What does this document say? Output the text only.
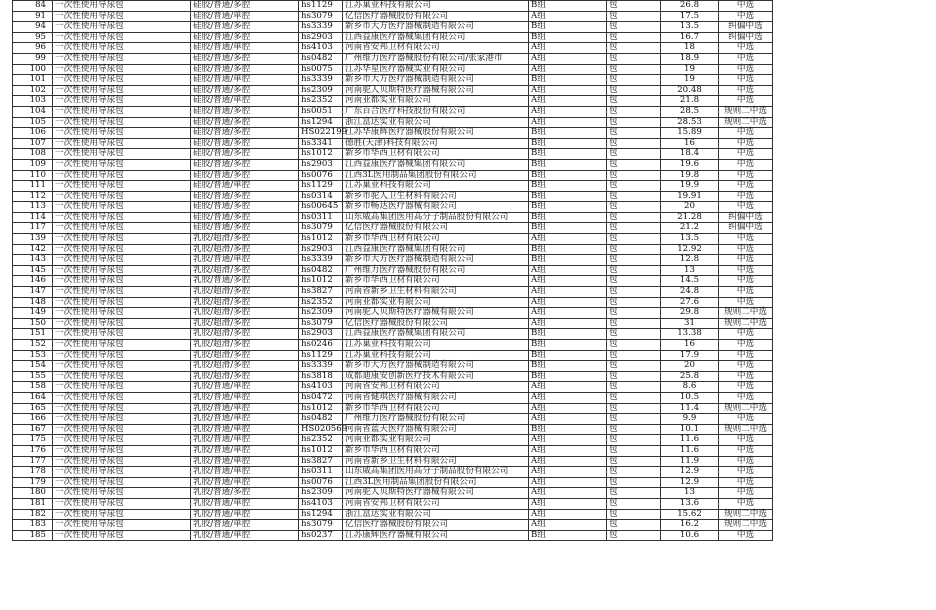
84	一次性使用导尿包	硅胶/普通/多腔	hs1129	江苏巢业科技有限公司	B组	包	26.8	中选
91	一次性使用导尿包	硅胶/普通/单腔	hs3079	亿信医疗器械股份有限公司	A组	包	17.5	中选
94	一次性使用导尿包	硅胶/普通/多腔	hs3339	新乡市大方医疗器械制造有限公司	B组	包	13.5	纠偏中选
95	一次性使用导尿包	硅胶/普通/多腔	hs2903	江西益康医疗器械集团有限公司	B组	包	16.7	纠偏中选
96	一次性使用导尿包	硅胶/普通/单腔	hs4103	河南省安邦卫材有限公司	A组	包	18	中选
99	一次性使用导尿包	硅胶/普通/多腔	hs0482	广州维力医疗器械股份有限公司/张家港市	A组	包	18.9	中选
100	一次性使用导尿包	硅胶/普通/多腔	hs0075	江苏华星医疗器械实业有限公司	A组	包	19	中选
101	一次性使用导尿包	硅胶/普通/单腔	hs3339	新乡市大方医疗器械制造有限公司	B组	包	19	中选
102	一次性使用导尿包	硅胶/普通/多腔	hs2309	河南驼人贝斯特医疗器械有限公司	A组	包	20.48	中选
103	一次性使用导尿包	硅胶/普通/单腔	hs2352	河南亚都实业有限公司	A组	包	21.8	中选
104	一次性使用导尿包	硅胶/普通/多腔	hs0051	广东百合医疗科技股份有限公司	A组	包	28.5	规则二中选
105	一次性使用导尿包	硅胶/普通/多腔	hs1294	浙江富达实业有限公司	A组	包	28.53	规则二中选
106	一次性使用导尿包	硅胶/普通/多腔	HS022199	江苏华康辉医疗器械股份有限公司	B组	包	15.89	中选
107	一次性使用导尿包	硅胶/普通/多腔	hs3341	德胜(天津)科技有限公司	B组	包	16	中选
108	一次性使用导尿包	硅胶/普通/多腔	hs1012	新乡市华西卫材有限公司	B组	包	18.4	中选
109	一次性使用导尿包	硅胶/普通/多腔	hs2903	江西益康医疗器械集团有限公司	B组	包	19.6	中选
110	一次性使用导尿包	硅胶/普通/多腔	hs0076	江西3L医用制品集团股份有限公司	B组	包	19.8	中选
111	一次性使用导尿包	硅胶/普通/单腔	hs1129	江苏巢业科技有限公司	B组	包	19.9	中选
112	一次性使用导尿包	硅胶/普通/多腔	hs0314	新乡市驼人卫生材料有限公司	B组	包	19.91	中选
113	一次性使用导尿包	硅胶/普通/多腔	hs00645	新乡市畅达医疗器械有限公司	B组	包	20	中选
114	一次性使用导尿包	硅胶/普通/多腔	hs0311	山东威高集团医用高分子制品股份有限公司	B组	包	21.28	纠偏中选
117	一次性使用导尿包	硅胶/普通/多腔	hs3079	亿信医疗器械股份有限公司	B组	包	21.2	纠偏中选
139	一次性使用导尿包	乳胶/超滑/多腔	hs1012	新乡市华西卫材有限公司	A组	包	13.5	中选
142	一次性使用导尿包	乳胶/超滑/多腔	hs2903	江西益康医疗器械集团有限公司	B组	包	12.92	中选
143	一次性使用导尿包	乳胶/普通/单腔	hs3339	新乡市大方医疗器械制造有限公司	B组	包	12.8	中选
145	一次性使用导尿包	乳胶/超滑/多腔	hs0482	广州维力医疗器械股份有限公司	A组	包	13	中选
146	一次性使用导尿包	乳胶/普通/多腔	hs1012	新乡市华西卫材有限公司	A组	包	14.5	中选
147	一次性使用导尿包	乳胶/超滑/多腔	hs3827	河南省新乡卫生材料有限公司	A组	包	24.8	中选
148	一次性使用导尿包	乳胶/超滑/多腔	hs2352	河南亚都实业有限公司	A组	包	27.6	中选
149	一次性使用导尿包	乳胶/超滑/多腔	hs2309	河南驼人贝斯特医疗器械有限公司	A组	包	29.8	规则二中选
150	一次性使用导尿包	乳胶/超滑/多腔	hs3079	亿信医疗器械股份有限公司	A组	包	31	规则二中选
151	一次性使用导尿包	乳胶/超滑/多腔	hs2903	江西益康医疗器械集团有限公司	B组	包	13.38	中选
152	一次性使用导尿包	乳胶/超滑/多腔	hs0246	江苏巢业科技有限公司	B组	包	16	中选
153	一次性使用导尿包	乳胶/超滑/多腔	hs1129	江苏巢业科技有限公司	B组	包	17.9	中选
154	一次性使用导尿包	乳胶/超滑/多腔	hs3339	新乡市大方医疗器械制造有限公司	B组	包	20	中选
155	一次性使用导尿包	乳胶/超滑/多腔	hs3818	成都迪康安创新医疗技术有限公司	B组	包	25.8	中选
158	一次性使用导尿包	乳胶/普通/单腔	hs4103	河南省安邦卫材有限公司	A组	包	8.6	中选
164	一次性使用导尿包	乳胶/普通/单腔	hs0472	河南省健琪医疗器械有限公司	A组	包	10.5	中选
165	一次性使用导尿包	乳胶/普通/单腔	hs1012	新乡市华西卫材有限公司	A组	包	11.4	规则二中选
166	一次性使用导尿包	乳胶/普通/单腔	hs0482	广州维力医疗器械股份有限公司	A组	包	9.9	中选
167	一次性使用导尿包	乳胶/普通/单腔	HS020569	河南省蓝天医疗器械有限公司	B组	包	10.1	规则二中选
175	一次性使用导尿包	乳胶/普通/单腔	hs2352	河南亚都实业有限公司	A组	包	11.6	中选
176	一次性使用导尿包	乳胶/普通/单腔	hs1012	新乡市华西卫材有限公司	A组	包	11.6	中选
177	一次性使用导尿包	乳胶/普通/单腔	hs3827	河南省新乡卫生材料有限公司	A组	包	11.9	中选
178	一次性使用导尿包	乳胶/普通/单腔	hs0311	山东威高集团医用高分子制品股份有限公司	A组	包	12.9	中选
179	一次性使用导尿包	乳胶/普通/单腔	hs0076	江西3L医用制品集团股份有限公司	A组	包	12.9	中选
180	一次性使用导尿包	乳胶/普通/多腔	hs2309	河南驼人贝斯特医疗器械有限公司	A组	包	13	中选
181	一次性使用导尿包	乳胶/普通/单腔	hs4103	河南省安邦卫材有限公司	A组	包	13.6	中选
182	一次性使用导尿包	乳胶/普通/单腔	hs1294	浙江富达实业有限公司	A组	包	15.62	规则二中选
183	一次性使用导尿包	乳胶/普通/单腔	hs3079	亿信医疗器械股份有限公司	A组	包	16.2	规则二中选
185	一次性使用导尿包	乳胶/普通/单腔	hs0237	江苏康辉医疗器械有限公司	B组	包	10.6	中选
